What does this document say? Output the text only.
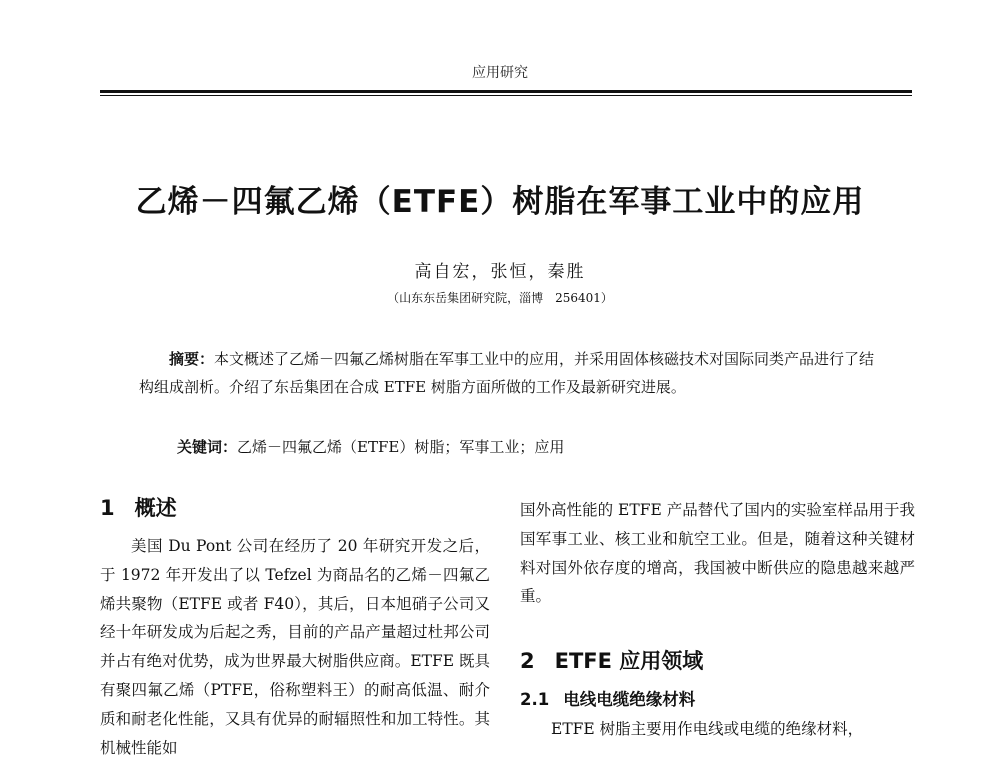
应用研究
乙烯－四氟乙烯（ETFE）树脂在军事工业中的应用
高自宏，张恒，秦胜
（山东东岳集团研究院，淄博　256401）

摘要：本文概述了乙烯－四氟乙烯树脂在军事工业中的应用，并采用固体核磁技术对国际同类产品进行了结构组成剖析。介绍了东岳集团在合成 ETFE 树脂方面所做的工作及最新研究进展。

关键词：乙烯－四氟乙烯（ETFE）树脂；军事工业；应用
1 概述

美国 Du Pont 公司在经历了 20 年研究开发之后，于 1972 年开发出了以 Tefzel 为商品名的乙烯－四氟乙烯共聚物（ETFE 或者 F40），其后，日本旭硝子公司又经十年研发成为后起之秀，目前的产品产量超过杜邦公司并占有绝对优势，成为世界最大树脂供应商。ETFE 既具有聚四氟乙烯（PTFE，俗称塑料王）的耐高低温、耐介质和耐老化性能，又具有优异的耐辐照性和加工特性。其机械性能如

国外高性能的 ETFE 产品替代了国内的实验室样品用于我国军事工业、核工业和航空工业。但是，随着这种关键材料对国外依存度的增高，我国被中断供应的隐患越来越严重。

2 ETFE 应用领域
2.1 电线电缆绝缘材料

ETFE 树脂主要用作电线或电缆的绝缘材料，
